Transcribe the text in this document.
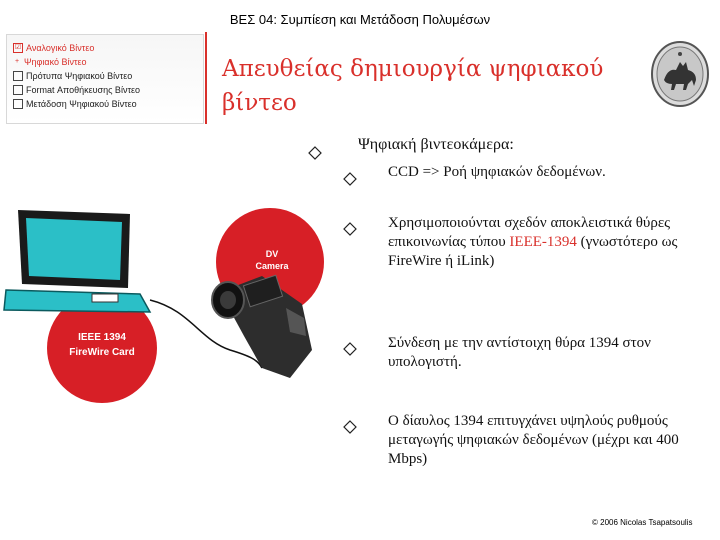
ΒΕΣ 04: Συμπίεση και Μετάδοση Πολυμέσων
☑ Αναλογικό Βίντεο
+ Ψηφιακό Βίντεο
Πρότυπα Ψηφιακού Βίντεο
Format Αποθήκευσης Βίντεο
Μετάδοση Ψηφιακού Βίντεο
Απευθείας δημιουργία ψηφιακού βίντεο
Ψηφιακή βιντεοκάμερα:
CCD => Ροή ψηφιακών δεδομένων.
Χρησιμοποιούνται σχεδόν αποκλειστικά θύρες επικοινωνίας τύπου IEEE-1394 (γνωστότερο ως FireWire ή iLink)
Σύνδεση με την αντίστοιχη θύρα 1394 στον υπολογιστή.
Ο δίαυλος 1394 επιτυγχάνει υψηλούς ρυθμούς μεταγωγής ψηφιακών δεδομένων (μέχρι και 400 Mbps)
DV
Camera
IEEE 1394
FireWire Card
© 2006 Nicolas Tsapatsoulis
